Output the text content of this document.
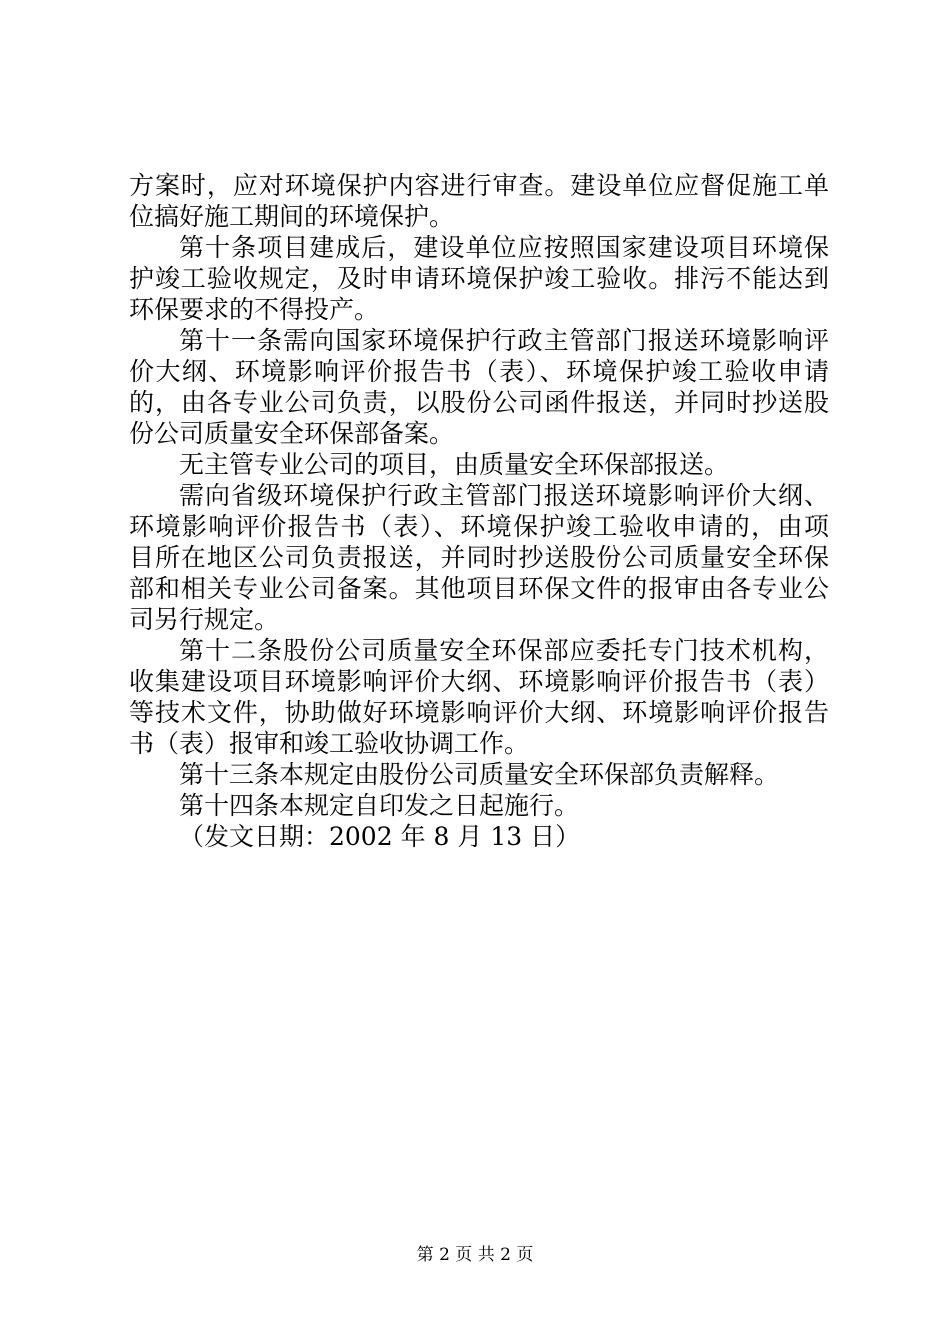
方案时，应对环境保护内容进行审查。建设单位应督促施工单
位搞好施工期间的环境保护。
第十条项目建成后，建设单位应按照国家建设项目环境保
护竣工验收规定，及时申请环境保护竣工验收。排污不能达到
环保要求的不得投产。
第十一条需向国家环境保护行政主管部门报送环境影响评
价大纲、环境影响评价报告书（表）、环境保护竣工验收申请
的，由各专业公司负责，以股份公司函件报送，并同时抄送股
份公司质量安全环保部备案。
无主管专业公司的项目，由质量安全环保部报送。
需向省级环境保护行政主管部门报送环境影响评价大纲、
环境影响评价报告书（表）、环境保护竣工验收申请的，由项
目所在地区公司负责报送，并同时抄送股份公司质量安全环保
部和相关专业公司备案。其他项目环保文件的报审由各专业公
司另行规定。
第十二条股份公司质量安全环保部应委托专门技术机构，
收集建设项目环境影响评价大纲、环境影响评价报告书（表）
等技术文件，协助做好环境影响评价大纲、环境影响评价报告
书（表）报审和竣工验收协调工作。
第十三条本规定由股份公司质量安全环保部负责解释。
第十四条本规定自印发之日起施行。
（发文日期：2002 年 8 月 13 日）
第 2 页 共 2 页
